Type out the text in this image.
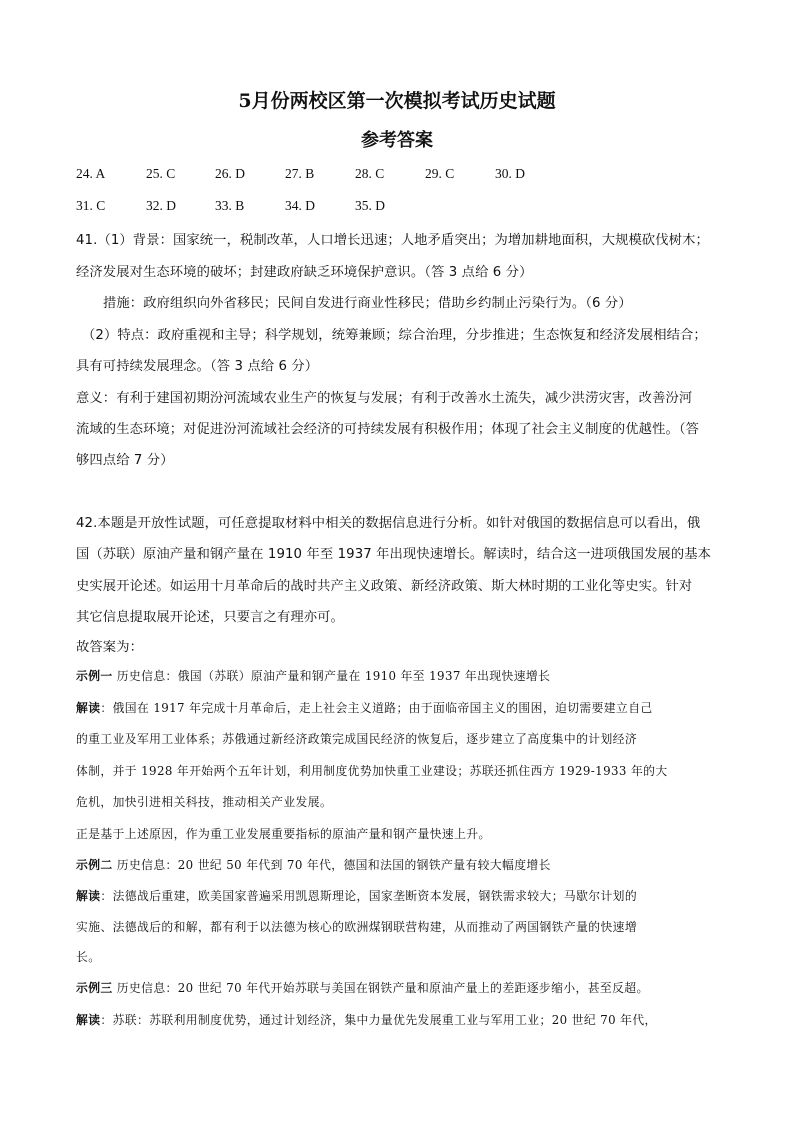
5月份两校区第一次模拟考试历史试题
参考答案
24. A	25. C	26. D	27. B	28. C	29. C	30. D
31. C	32. D	33. B	34. D	35. D
41.（1）背景：国家统一，税制改革，人口增长迅速；人地矛盾突出；为增加耕地面积，大规模砍伐树木；
经济发展对生态环境的破坏；封建政府缺乏环境保护意识。（答 3 点给 6 分）
措施：政府组织向外省移民；民间自发进行商业性移民；借助乡约制止污染行为。（6 分）
（2）特点：政府重视和主导；科学规划，统筹兼顾；综合治理，分步推进；生态恢复和经济发展相结合；
具有可持续发展理念。（答 3 点给 6 分）
意义：有利于建国初期汾河流域农业生产的恢复与发展；有利于改善水土流失，减少洪涝灾害，改善汾河
流域的生态环境；对促进汾河流域社会经济的可持续发展有积极作用；体现了社会主义制度的优越性。（答
够四点给 7 分）
42.本题是开放性试题，可任意提取材料中相关的数据信息进行分析。如针对俄国的数据信息可以看出，俄
国（苏联）原油产量和钢产量在 1910 年至 1937 年出现快速增长。解读时，结合这一进项俄国发展的基本
史实展开论述。如运用十月革命后的战时共产主义政策、新经济政策、斯大林时期的工业化等史实。针对
其它信息提取展开论述，只要言之有理亦可。
故答案为：
示例一 历史信息：俄国（苏联）原油产量和钢产量在 1910 年至 1937 年出现快速增长
解读：俄国在 1917 年完成十月革命后，走上社会主义道路；由于面临帝国主义的围困，迫切需要建立自己
的重工业及军用工业体系；苏俄通过新经济政策完成国民经济的恢复后，逐步建立了高度集中的计划经济
体制，并于 1928 年开始两个五年计划，利用制度优势加快重工业建设；苏联还抓住西方 1929-1933 年的大
危机，加快引进相关科技，推动相关产业发展。
正是基于上述原因，作为重工业发展重要指标的原油产量和钢产量快速上升。
示例二 历史信息：20 世纪 50 年代到 70 年代，德国和法国的钢铁产量有较大幅度增长
解读：法德战后重建，欧美国家普遍采用凯恩斯理论，国家垄断资本发展，钢铁需求较大；马歇尔计划的
实施、法德战后的和解，都有利于以法德为核心的欧洲煤钢联营构建，从而推动了两国钢铁产量的快速增
长。
示例三 历史信息：20 世纪 70 年代开始苏联与美国在钢铁产量和原油产量上的差距逐步缩小，甚至反超。
解读：苏联：苏联利用制度优势，通过计划经济，集中力量优先发展重工业与军用工业；20 世纪 70 年代，
